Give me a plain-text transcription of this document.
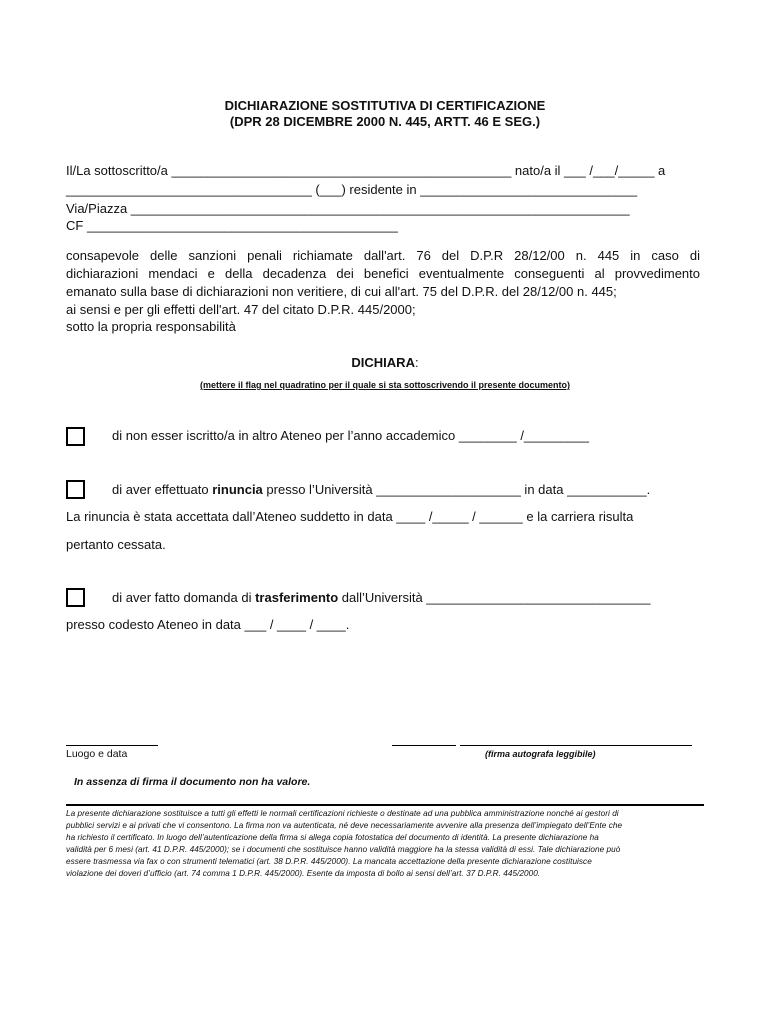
DICHIARAZIONE SOSTITUTIVA DI CERTIFICAZIONE
(DPR 28 DICEMBRE 2000 N. 445, ARTT. 46 E SEG.)
Il/La sottoscritto/a _______________________________________________ nato/a il ___ /___/_____ a
__________________________________ (___) residente in ______________________________
Via/Piazza _____________________________________________________________________
CF ___________________________________________
consapevole delle sanzioni penali richiamate dall'art. 76 del D.P.R 28/12/00 n. 445 in caso di
dichiarazioni mendaci e della decadenza dei benefici eventualmente conseguenti al provvedimento
emanato sulla base di dichiarazioni non veritiere, di cui all'art. 75 del D.P.R. del 28/12/00 n. 445;
ai sensi e per gli effetti dell'art. 47 del citato D.P.R. 445/2000;
sotto la propria responsabilità
DICHIARA:
(mettere il flag nel quadratino per il quale si sta sottoscrivendo il presente documento)
di non esser iscritto/a in altro Ateneo per l’anno accademico ________ /_________
di aver effettuato rinuncia presso l’Università ____________________ in data ___________.
La rinuncia è stata accettata dall’Ateneo suddetto in data ____ /_____ / ______ e la carriera risulta
pertanto cessata.
di aver fatto domanda di trasferimento dall’Università _______________________________
presso codesto Ateneo in data ___ / ____ / ____.
Luogo e data	(firma autografa leggibile)
In assenza di firma il documento non ha valore.
La presente dichiarazione sostituisce a tutti gli effetti le normali certificazioni richieste o destinate ad una pubblica amministrazione nonché ai gestori di
pubblici servizi e ai privati che vi consentono. La firma non va autenticata, né deve necessariamente avvenire alla presenza dell’impiegato dell’Ente che
ha richiesto il certificato. In luogo dell’autenticazione della firma si allega copia fotostatica del documento di identità. La presente dichiarazione ha
validità per 6 mesi (art. 41 D.P.R. 445/2000); se i documenti che sostituisce hanno validità maggiore ha la stessa validità di essi. Tale dichiarazione può
essere trasmessa via fax o con strumenti telematici (art. 38 D.P.R. 445/2000). La mancata accettazione della presente dichiarazione costituisce
violazione dei doveri d’ufficio (art. 74 comma 1 D.P.R. 445/2000). Esente da imposta di bollo ai sensi dell’art. 37 D.P.R. 445/2000.
